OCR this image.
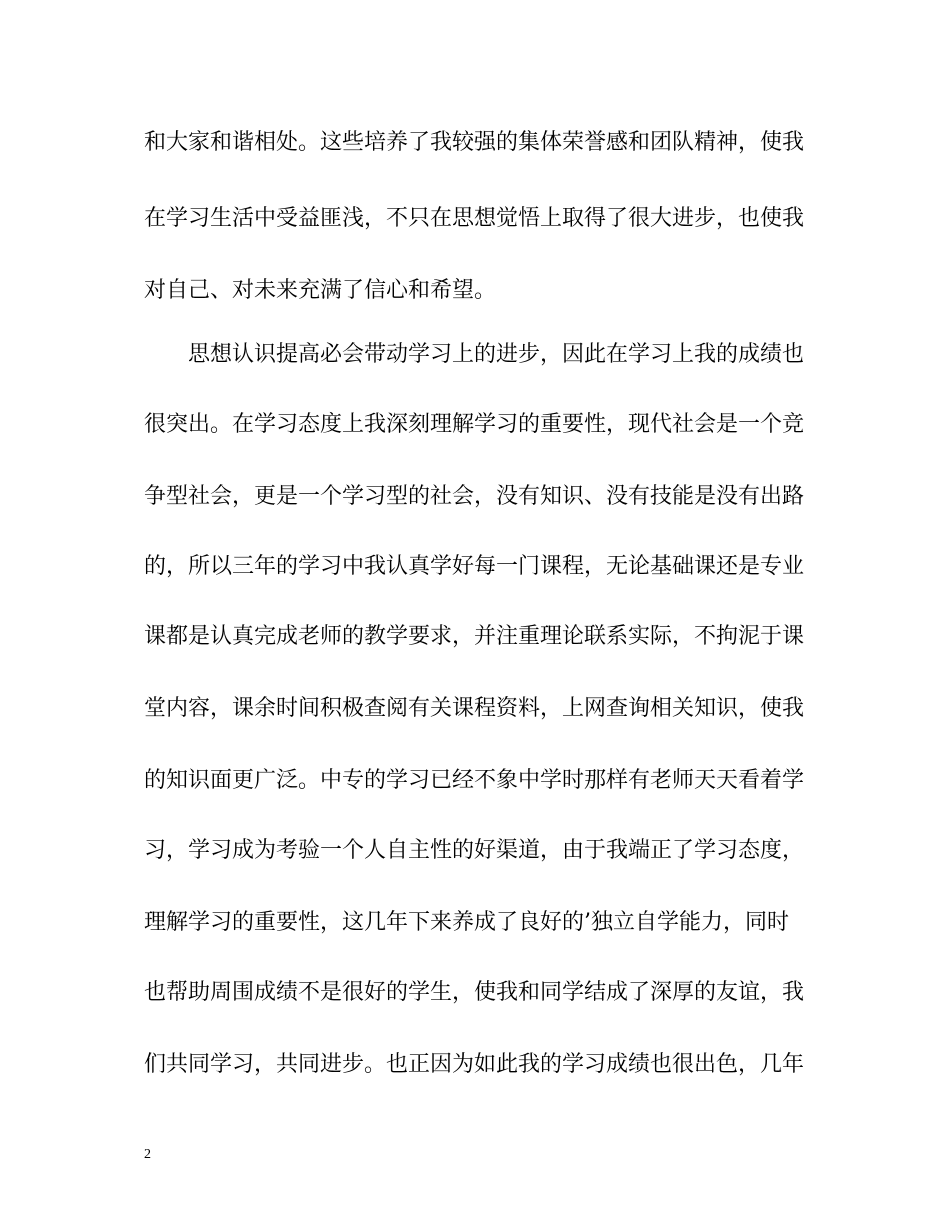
和大家和谐相处。这些培养了我较强的集体荣誉感和团队精神，使我
在学习生活中受益匪浅，不只在思想觉悟上取得了很大进步，也使我
对自己、对未来充满了信心和希望。
思想认识提高必会带动学习上的进步，因此在学习上我的成绩也
很突出。在学习态度上我深刻理解学习的重要性，现代社会是一个竞
争型社会，更是一个学习型的社会，没有知识、没有技能是没有出路
的，所以三年的学习中我认真学好每一门课程，无论基础课还是专业
课都是认真完成老师的教学要求，并注重理论联系实际，不拘泥于课
堂内容，课余时间积极查阅有关课程资料，上网查询相关知识，使我
的知识面更广泛。中专的学习已经不象中学时那样有老师天天看着学
习，学习成为考验一个人自主性的好渠道，由于我端正了学习态度，
理解学习的重要性，这几年下来养成了良好的’独立自学能力，同时
也帮助周围成绩不是很好的学生，使我和同学结成了深厚的友谊，我
们共同学习，共同进步。也正因为如此我的学习成绩也很出色，几年
2
